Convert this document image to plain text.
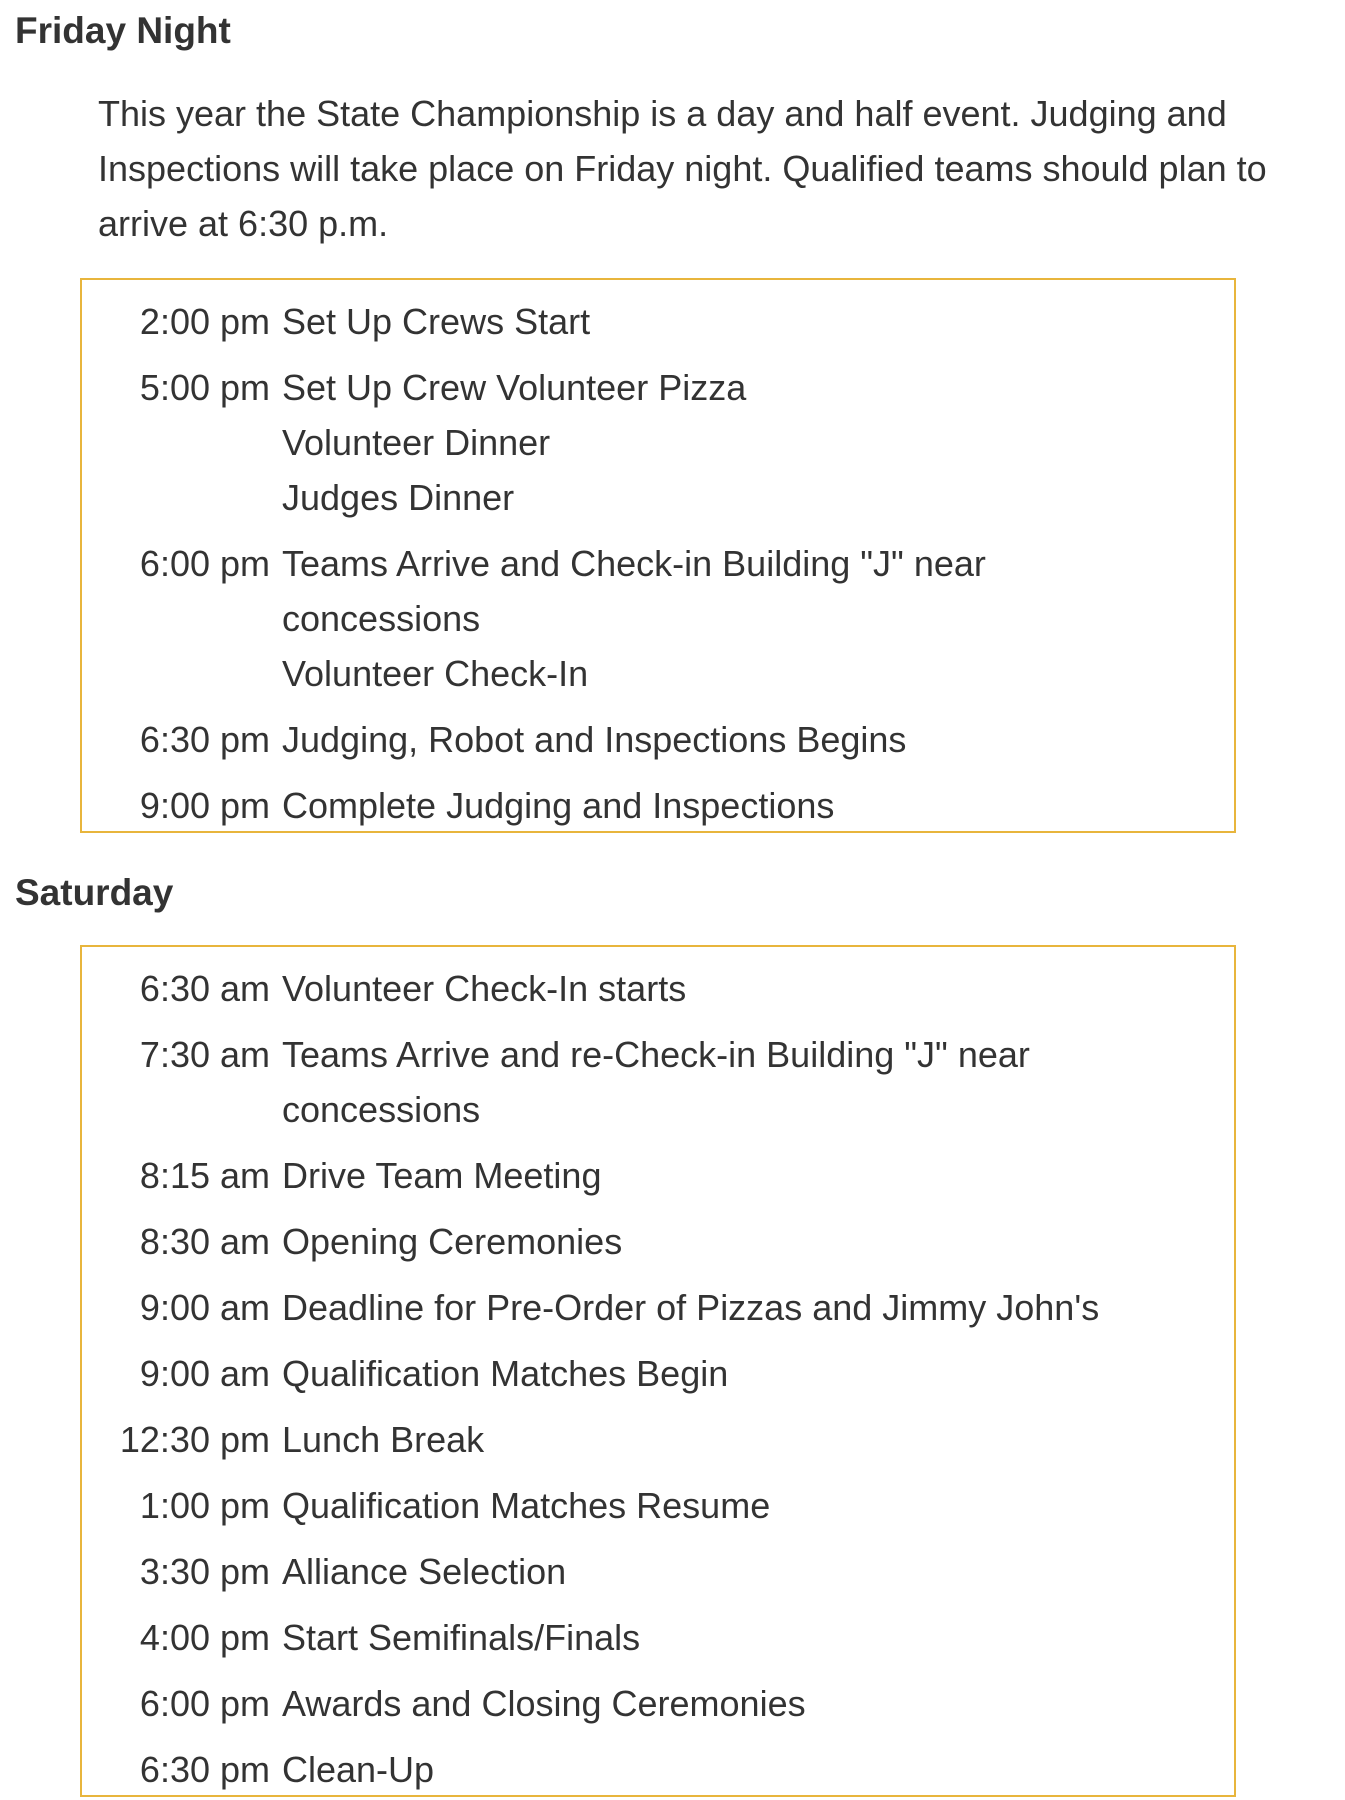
Friday Night

This year the State Championship is a day and half event. Judging and Inspections will take place on Friday night. Qualified teams should plan to arrive at 6:30 p.m.

2:00 pm Set Up Crews Start
5:00 pm Set Up Crew Volunteer Pizza
Volunteer Dinner
Judges Dinner
6:00 pm Teams Arrive and Check-in Building "J" near
concessions
Volunteer Check-In
6:30 pm Judging, Robot and Inspections Begins
9:00 pm Complete Judging and Inspections
Saturday
6:30 am Volunteer Check-In starts
7:30 am Teams Arrive and re-Check-in Building "J" near
concessions
8:15 am Drive Team Meeting
8:30 am Opening Ceremonies
9:00 am Deadline for Pre-Order of Pizzas and Jimmy John's
9:00 am Qualification Matches Begin
12:30 pm Lunch Break
1:00 pm Qualification Matches Resume
3:30 pm Alliance Selection
4:00 pm Start Semifinals/Finals
6:00 pm Awards and Closing Ceremonies
6:30 pm Clean-Up
